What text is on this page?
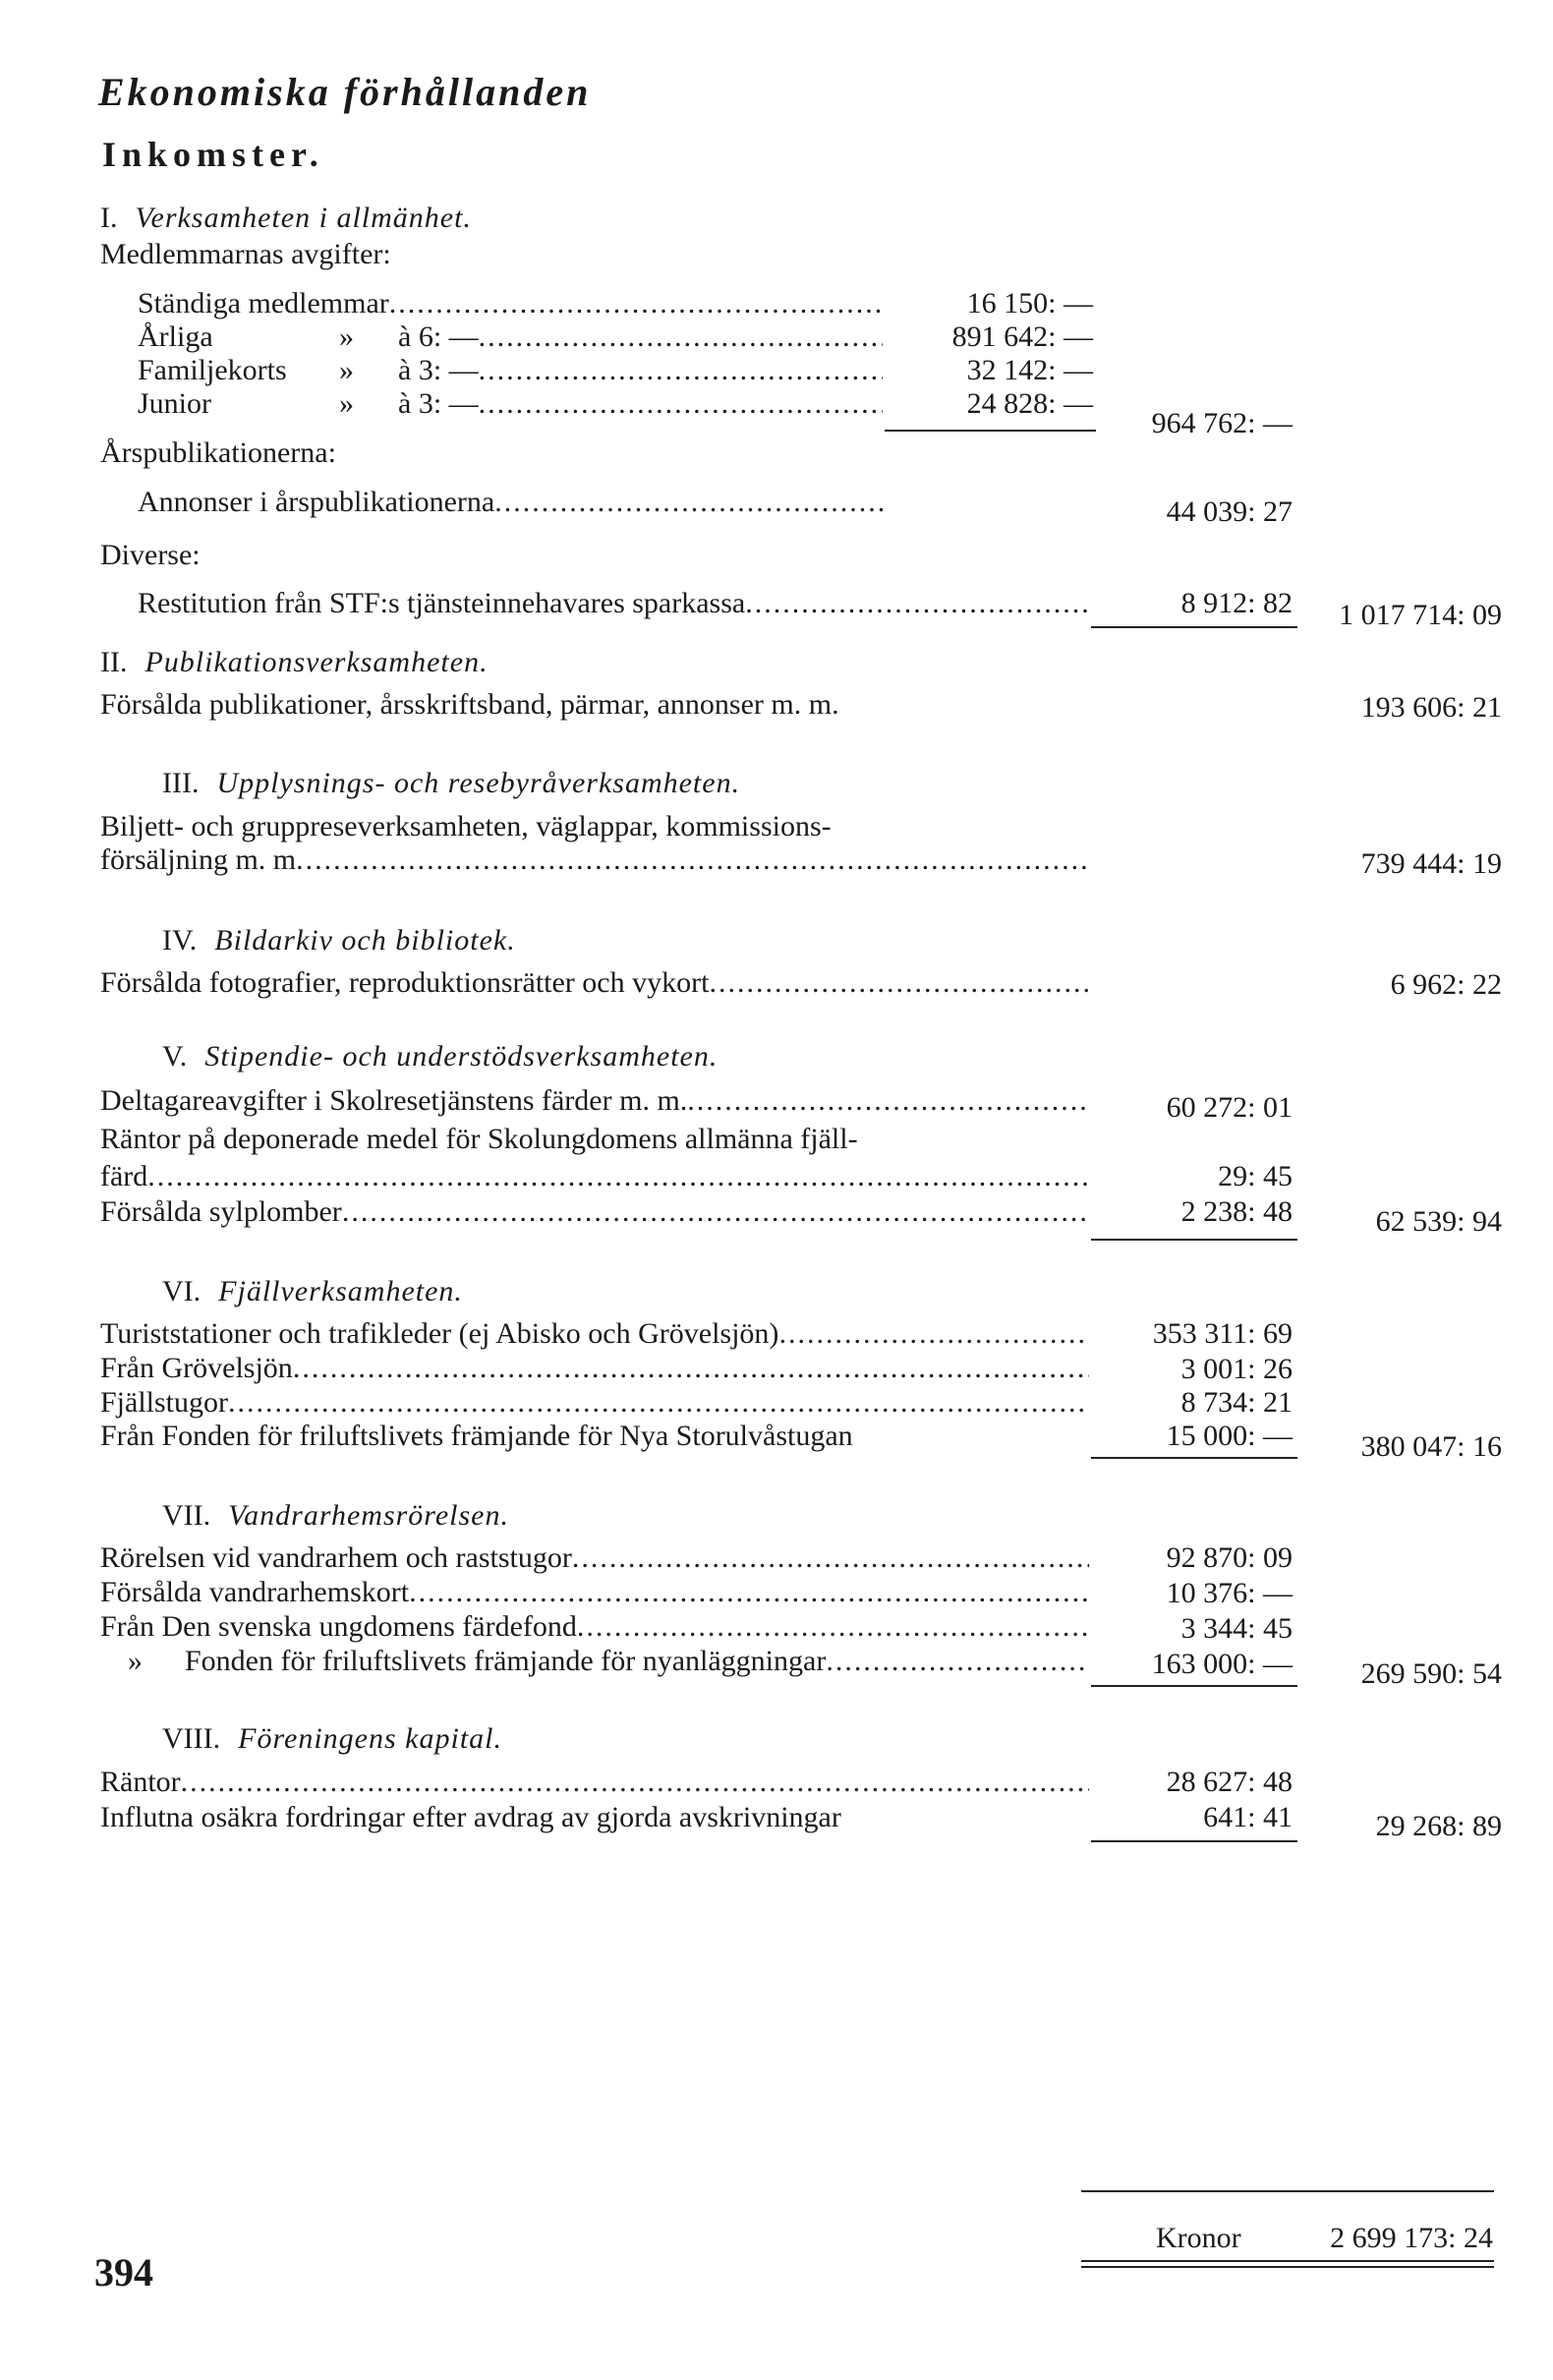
Ekonomiska förhållanden
Inkomster.
I. Verksamheten i allmänhet.
Medlemmarnas avgifter:
Ständiga medlemmar .....	16 150: —
Årliga	»	à 6: — .....	891 642: —
Familjekorts	»	à 3: — .....	32 142: —
Junior	»	à 3: — .....	24 828: —
964 762: —
Årspublikationerna:
Annonser i årspublikationerna .....	44 039: 27
Diverse:
Restitution från STF:s tjänsteinnehavares sparkassa .....	8 912: 82 1 017 714: 09
II. Publikationsverksamheten.
Försålda publikationer, årsskriftsband, pärmar, annonser m. m.	193 606: 21
III. Upplysnings- och resebyråverksamheten.
Biljett- och gruppreseverksamheten, väglappar, kommissions-
försäljning m. m .....	739 444: 19
IV. Bildarkiv och bibliotek.
Försålda fotografier, reproduktionsrätter och vykort .....	6 962: 22
V. Stipendie- och understödsverksamheten.
Deltagareavgifter i Skolresetjänstens färder m. m. .....	60 272: 01
Räntor på deponerade medel för Skolungdomens allmänna fjäll-
färd .....	29: 45
Försålda sylplomber .....	2 238: 48	62 539: 94
VI. Fjällverksamheten.
Turiststationer och trafikleder (ej Abisko och Grövelsjön) .....	353 311: 69
Från Grövelsjön .....	3 001: 26
Fjällstugor .....	8 734: 21
Från Fonden för friluftslivets främjande för Nya Storulvåstugan	15 000: — 380 047: 16
VII. Vandrarhemsrörelsen.
Rörelsen vid vandrarhem och raststugor .....	92 870: 09
Försålda vandrarhemskort .....	10 376: —
Från Den svenska ungdomens färdefond .....	3 344: 45
»	Fonden för friluftslivets främjande för nyanläggningar .....	163 000: — 269 590: 54
VIII. Föreningens kapital.
Räntor .....	28 627: 48
Influtna osäkra fordringar efter avdrag av gjorda avskrivningar	641: 41	29 268: 89
Kronor	2 699 173: 24
394
